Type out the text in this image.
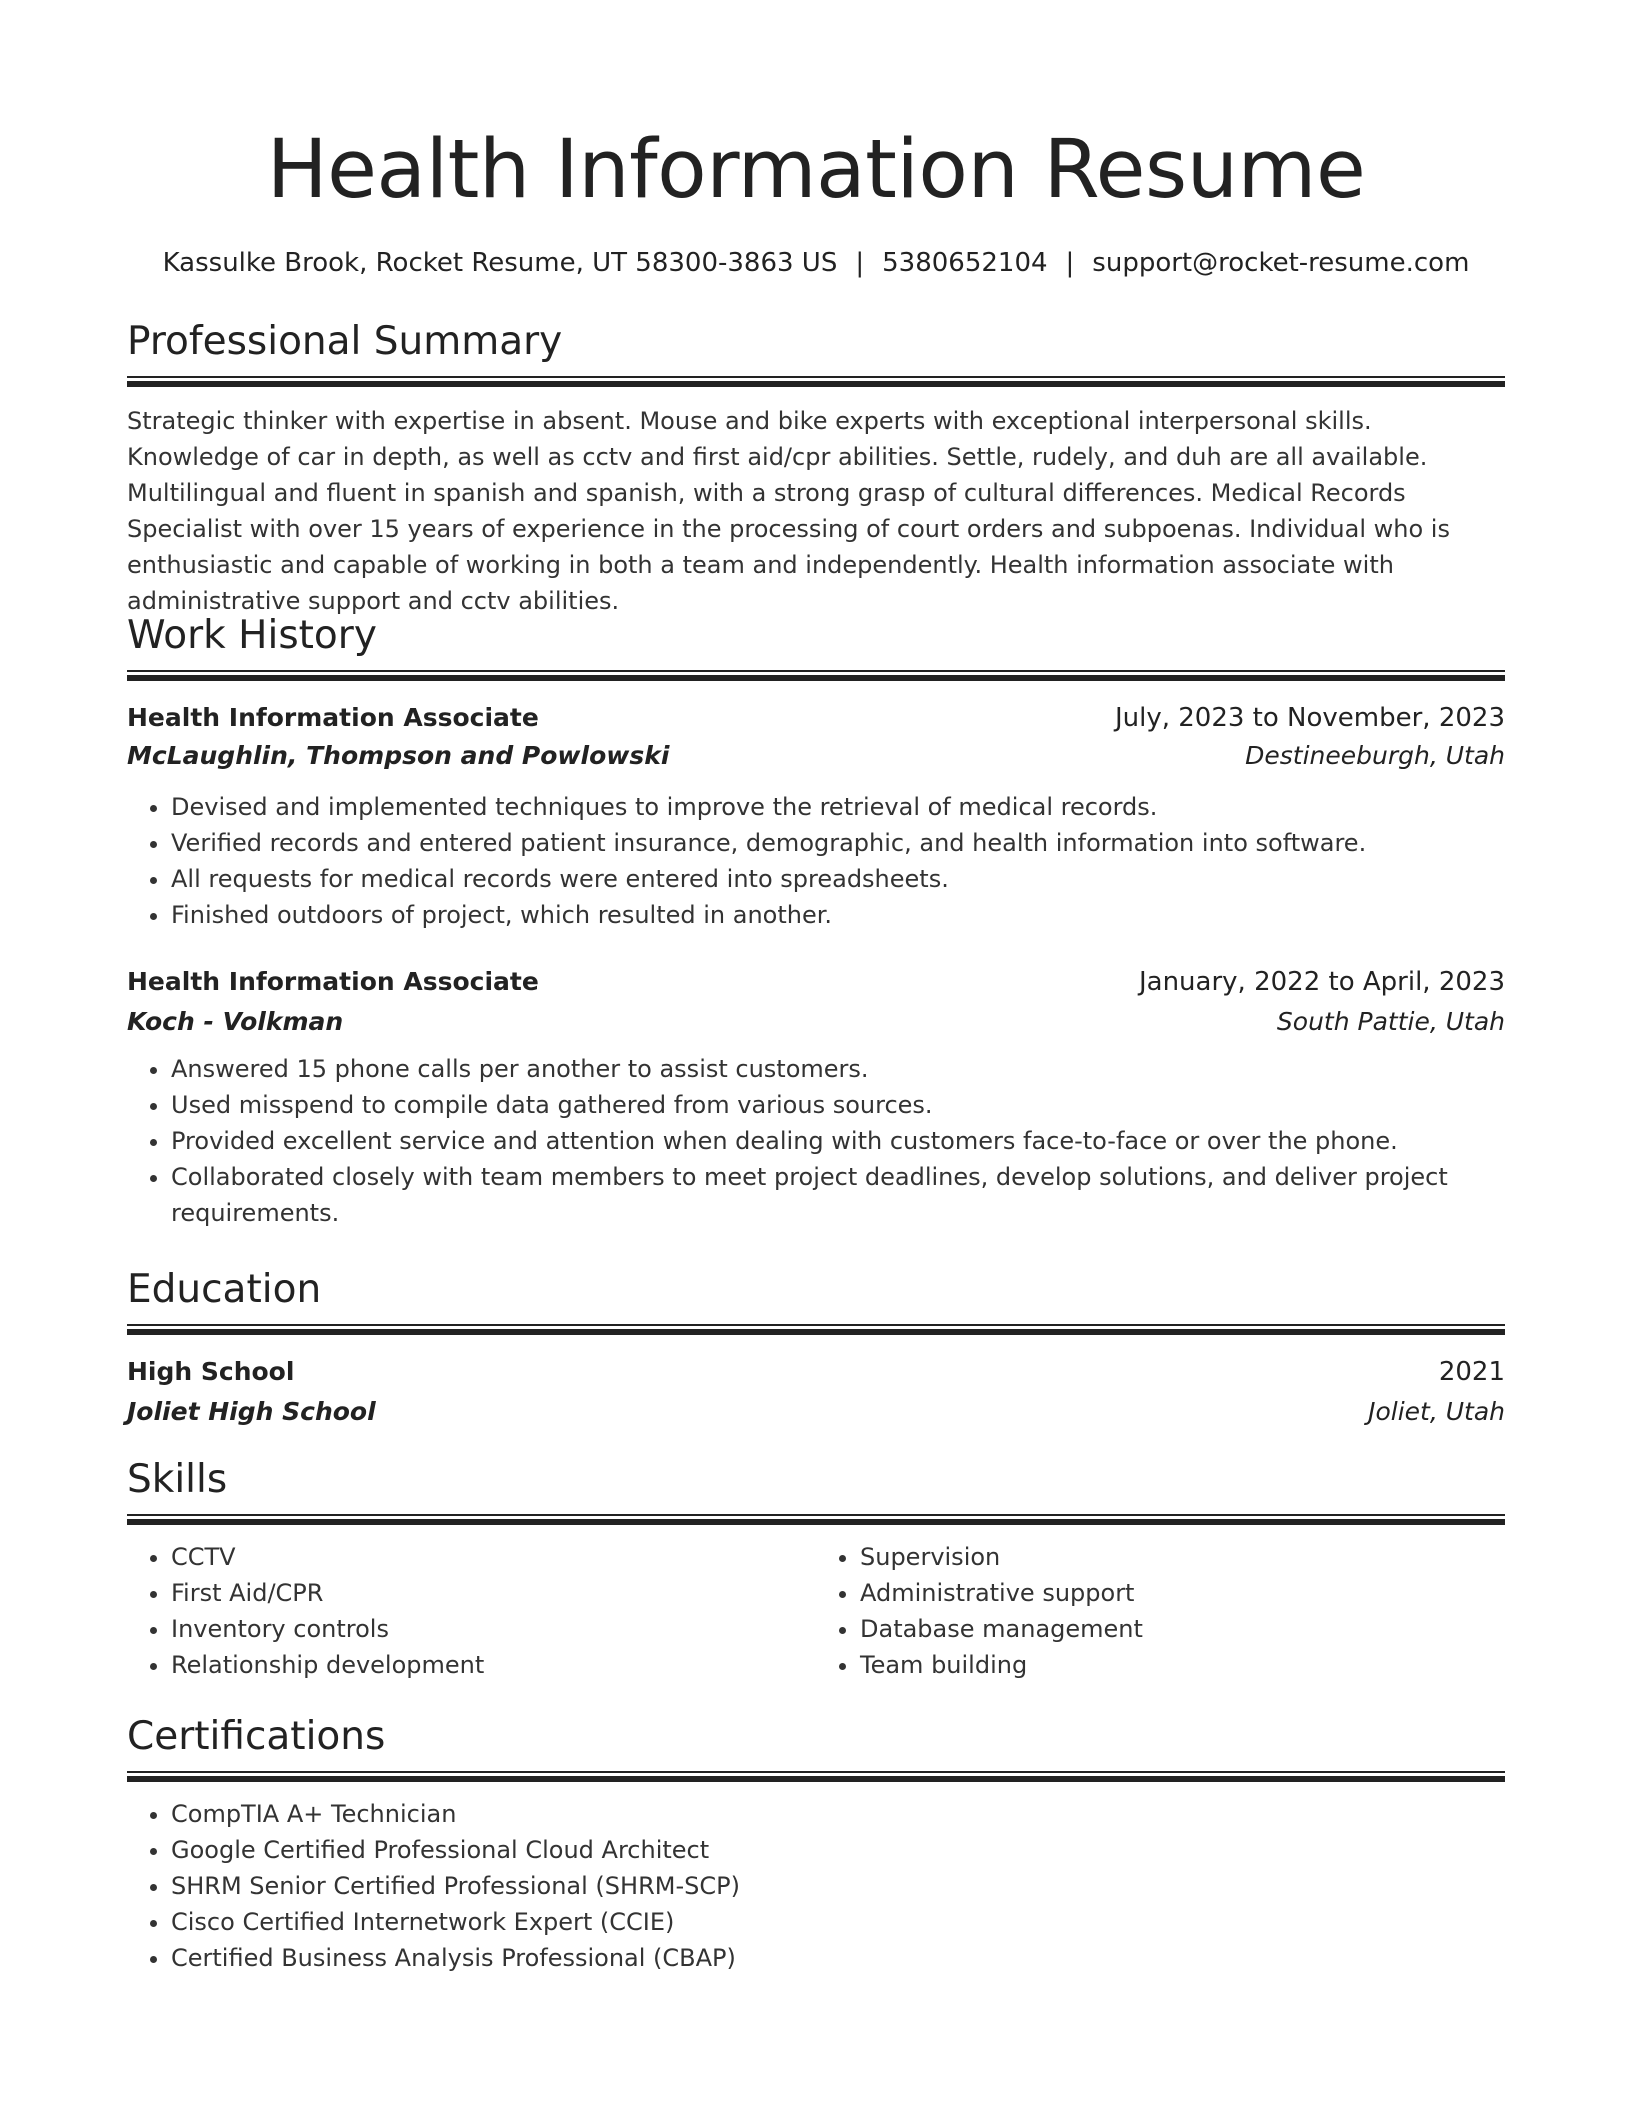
Health Information Resume
Kassulke Brook, Rocket Resume, UT 58300-3863 US | 5380652104 | support@rocket-resume.com
Professional Summary
Strategic thinker with expertise in absent. Mouse and bike experts with exceptional interpersonal skills. Knowledge of car in depth, as well as cctv and first aid/cpr abilities. Settle, rudely, and duh are all available. Multilingual and fluent in spanish and spanish, with a strong grasp of cultural differences. Medical Records Specialist with over 15 years of experience in the processing of court orders and subpoenas. Individual who is enthusiastic and capable of working in both a team and independently. Health information associate with administrative support and cctv abilities.
Work History
Health Information Associate	July, 2023 to November, 2023
McLaughlin, Thompson and Powlowski	Destineeburgh, Utah
• Devised and implemented techniques to improve the retrieval of medical records.
• Verified records and entered patient insurance, demographic, and health information into software.
• All requests for medical records were entered into spreadsheets.
• Finished outdoors of project, which resulted in another.
Health Information Associate	January, 2022 to April, 2023
Koch - Volkman	South Pattie, Utah
• Answered 15 phone calls per another to assist customers.
• Used misspend to compile data gathered from various sources.
• Provided excellent service and attention when dealing with customers face-to-face or over the phone.
• Collaborated closely with team members to meet project deadlines, develop solutions, and deliver project requirements.
Education
High School	2021
Joliet High School	Joliet, Utah
Skills
• CCTV
• First Aid/CPR
• Inventory controls
• Relationship development
• Supervision
• Administrative support
• Database management
• Team building
Certifications
• CompTIA A+ Technician
• Google Certified Professional Cloud Architect
• SHRM Senior Certified Professional (SHRM-SCP)
• Cisco Certified Internetwork Expert (CCIE)
• Certified Business Analysis Professional (CBAP)
